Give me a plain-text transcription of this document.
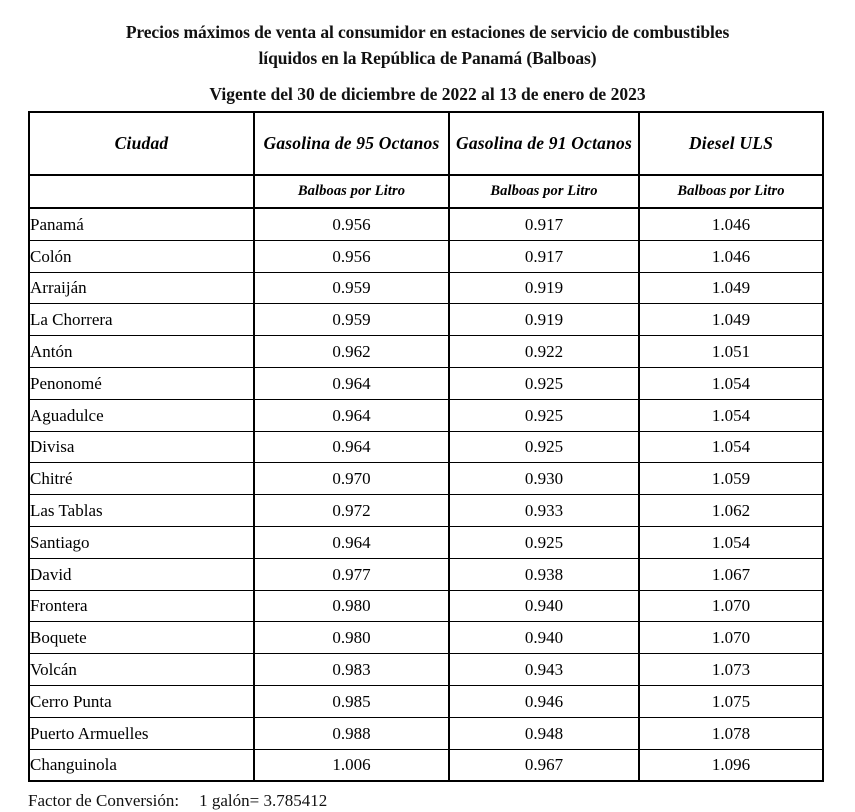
Precios máximos de venta al consumidor en estaciones de servicio de combustibles
líquidos en la República de Panamá (Balboas)
Vigente del 30 de diciembre de 2022 al 13 de enero de 2023
Ciudad	Gasolina de 95 Octanos	Gasolina de 91 Octanos	Diesel ULS
	Balboas por Litro	Balboas por Litro	Balboas por Litro
Panamá	0.956	0.917	1.046
Colón	0.956	0.917	1.046
Arraiján	0.959	0.919	1.049
La Chorrera	0.959	0.919	1.049
Antón	0.962	0.922	1.051
Penonomé	0.964	0.925	1.054
Aguadulce	0.964	0.925	1.054
Divisa	0.964	0.925	1.054
Chitré	0.970	0.930	1.059
Las Tablas	0.972	0.933	1.062
Santiago	0.964	0.925	1.054
David	0.977	0.938	1.067
Frontera	0.980	0.940	1.070
Boquete	0.980	0.940	1.070
Volcán	0.983	0.943	1.073
Cerro Punta	0.985	0.946	1.075
Puerto Armuelles	0.988	0.948	1.078
Changuinola	1.006	0.967	1.096
Factor de Conversión: 1 galón= 3.785412
